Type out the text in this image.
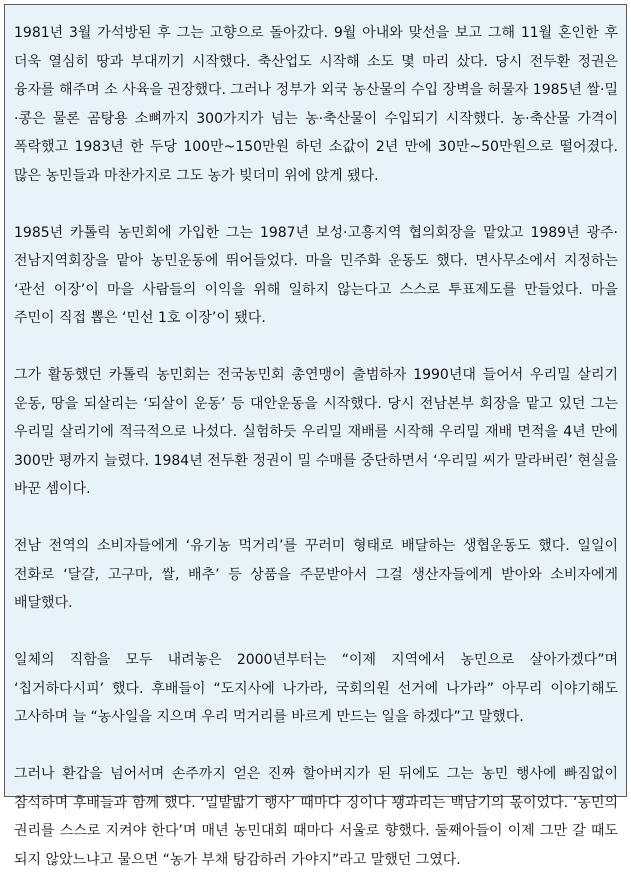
1981년 3월 가석방된 후 그는 고향으로 돌아갔다. 9월 아내와 맞선을 보고 그해 11월 혼인한 후 더욱 열심히 땅과 부대끼기 시작했다. 축산업도 시작해 소도 몇 마리 샀다. 당시 전두환 정권은 융자를 해주며 소 사육을 권장했다. 그러나 정부가 외국 농산물의 수입 장벽을 허물자 1985년 쌀·밀·콩은 물론 곰탕용 소뼈까지 300가지가 넘는 농·축산물이 수입되기 시작했다. 농·축산물 가격이 폭락했고 1983년 한 두당 100만~150만원 하던 소값이 2년 만에 30만~50만원으로 떨어졌다. 많은 농민들과 마찬가지로 그도 농가 빚더미 위에 앉게 됐다.

1985년 카톨릭 농민회에 가입한 그는 1987년 보성·고흥지역 협의회장을 맡았고 1989년 광주·전남지역회장을 맡아 농민운동에 뛰어들었다. 마을 민주화 운동도 했다. 면사무소에서 지정하는 ‘관선 이장’이 마을 사람들의 이익을 위해 일하지 않는다고 스스로 투표제도를 만들었다. 마을 주민이 직접 뽑은 ‘민선 1호 이장’이 됐다.

그가 활동했던 카톨릭 농민회는 전국농민회 총연맹이 출범하자 1990년대 들어서 우리밀 살리기 운동, 땅을 되살리는 ‘되살이 운동’ 등 대안운동을 시작했다. 당시 전남본부 회장을 맡고 있던 그는 우리밀 살리기에 적극적으로 나섰다. 실험하듯 우리밀 재배를 시작해 우리밀 재배 면적을 4년 만에 300만 평까지 늘렸다. 1984년 전두환 정권이 밀 수매를 중단하면서 ‘우리밀 씨가 말라버린’ 현실을 바꾼 셈이다.

전남 전역의 소비자들에게 ‘유기농 먹거리’를 꾸러미 형태로 배달하는 생협운동도 했다. 일일이 전화로 ‘달걀, 고구마, 쌀, 배추’ 등 상품을 주문받아서 그걸 생산자들에게 받아와 소비자에게 배달했다.

일체의 직함을 모두 내려놓은 2000년부터는 “이제 지역에서 농민으로 살아가겠다”며 ‘칩거하다시피’ 했다. 후배들이 “도지사에 나가라, 국회의원 선거에 나가라” 아무리 이야기해도 고사하며 늘 “농사일을 지으며 우리 먹거리를 바르게 만드는 일을 하겠다”고 말했다.

그러나 환갑을 넘어서며 손주까지 얻은 진짜 할아버지가 된 뒤에도 그는 농민 행사에 빠짐없이 참석하며 후배들과 함께 했다. ‘밀밭밟기 행사’ 때마다 징이나 꽹과리는 백남기의 몫이었다. ‘농민의 권리를 스스로 지켜야 한다’며 매년 농민대회 때마다 서울로 향했다. 둘째아들이 이제 그만 갈 때도 되지 않았느냐고 물으면 “농가 부채 탕감하러 가야지”라고 말했던 그였다.
